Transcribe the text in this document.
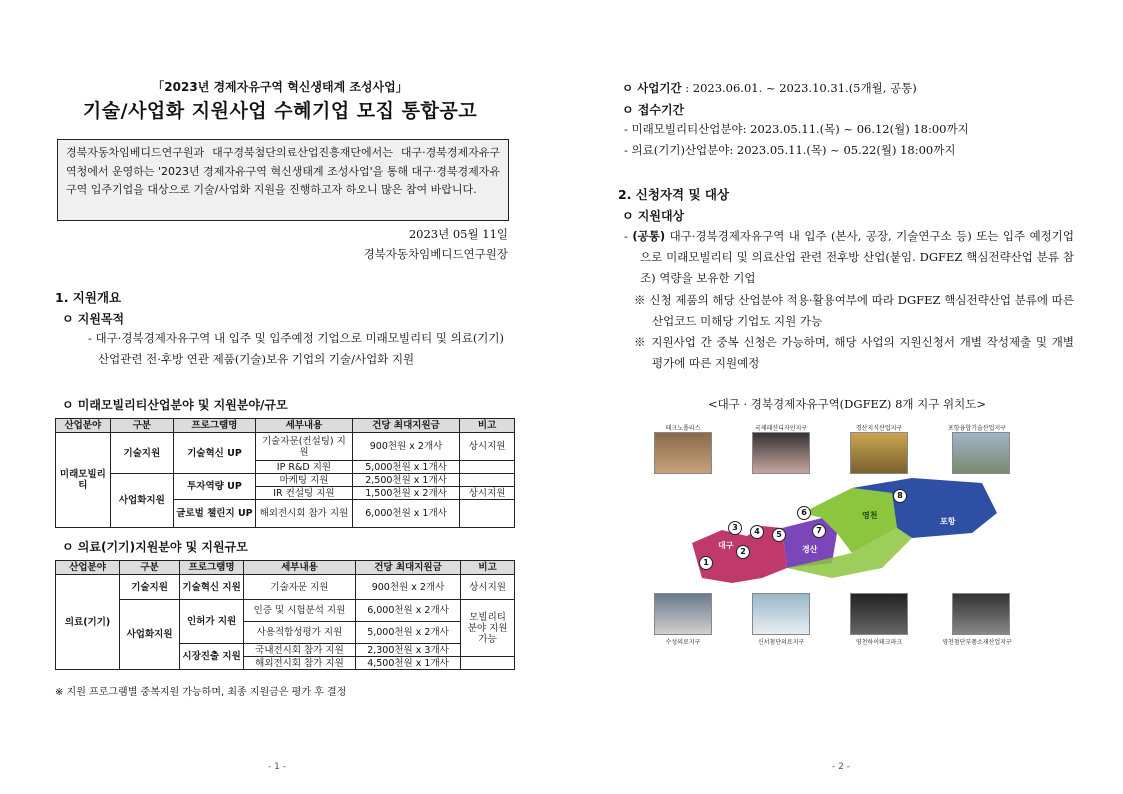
「2023년 경제자유구역 혁신생태계 조성사업」
기술/사업화 지원사업 수혜기업 모집 통합공고
경북자동차임베디드연구원과 대구경북첨단의료산업진흥재단에서는 대구·경북경제자유구역청에서 운영하는 '2023년 경제자유구역 혁신생태계 조성사업'을 통해 대구·경북경제자유구역 입주기업을 대상으로 기술/사업화 지원을 진행하고자 하오니 많은 참여 바랍니다.
2023년 05월 11일
경북자동차임베디드연구원장
1. 지원개요
ㅇ 지원목적
- 대구·경북경제자유구역 내 입주 및 입주예정 기업으로 미래모빌리티 및 의료(기기) 산업관련 전·후방 연관 제품(기술)보유 기업의 기술/사업화 지원
ㅇ 미래모빌리티산업분야 및 지원분야/규모
산업분야	구분	프로그램명	세부내용	건당 최대지원금	비고
미래모빌리티	기술지원	기술혁신 UP	기술자문(컨설팅) 지원	900천원 x 2개사	상시지원
			IP R&D 지원	5,000천원 x 1개사	
	사업화지원	투자역량 UP	마케팅 지원	2,500천원 x 1개사	
			IR 컨설팅 지원	1,500천원 x 2개사	상시지원
		글로벌 챌린지 UP	해외전시회 참가 지원	6,000천원 x 1개사	
ㅇ 의료(기기)지원분야 및 지원규모
산업분야	구분	프로그램명	세부내용	건당 최대지원금	비고
의료(기기)	기술지원	기술혁신 지원	기술자문 지원	900천원 x 2개사	상시지원
	사업화지원	인허가 지원	인증 및 시험분석 지원	6,000천원 x 2개사	모빌리티 분야 지원가능
			사용적합성평가 지원	5,000천원 x 2개사	
		시장진출 지원	국내전시회 참가 지원	2,300천원 x 3개사	
			해외전시회 참가 지원	4,500천원 x 1개사	
※ 지원 프로그램별 중복지원 가능하며, 최종 지원금은 평가 후 결정
- 1 -
ㅇ 사업기간 : 2023.06.01. ~ 2023.10.31.(5개월, 공통)
ㅇ 접수기간
- 미래모빌리티산업분야: 2023.05.11.(목) ~ 06.12(월) 18:00까지
- 의료(기기)산업분야: 2023.05.11.(목) ~ 05.22(월) 18:00까지
2. 신청자격 및 대상
ㅇ 지원대상
- (공통) 대구·경북경제자유구역 내 입주 (본사, 공장, 기술연구소 등) 또는 입주 예정기업으로 미래모빌리티 및 의료산업 관련 전후방 산업(붙임. DGFEZ 핵심전략산업 분류 참조) 역량을 보유한 기업
※ 신청 제품의 해당 산업분야 적용·활용여부에 따라 DGFEZ 핵심전략산업 분류에 따른 산업코드 미해당 기업도 지원 가능
※ 지원사업 간 중복 신청은 가능하며, 해당 사업의 지원신청서 개별 작성제출 및 개별 평가에 따른 지원예정
<대구 · 경북경제자유구역(DGFEZ) 8개 지구 위치도>
테크노폴리스	국제패션디자인지구	경산지식산업지구	포항융합기술산업지구
대구	경산
영천
포항
1
2
3	4	5
6
7
8
수성의료지구	신서첨단의료지구	영천하이테크파크	영천첨단부품소재산업지구
- 2 -
